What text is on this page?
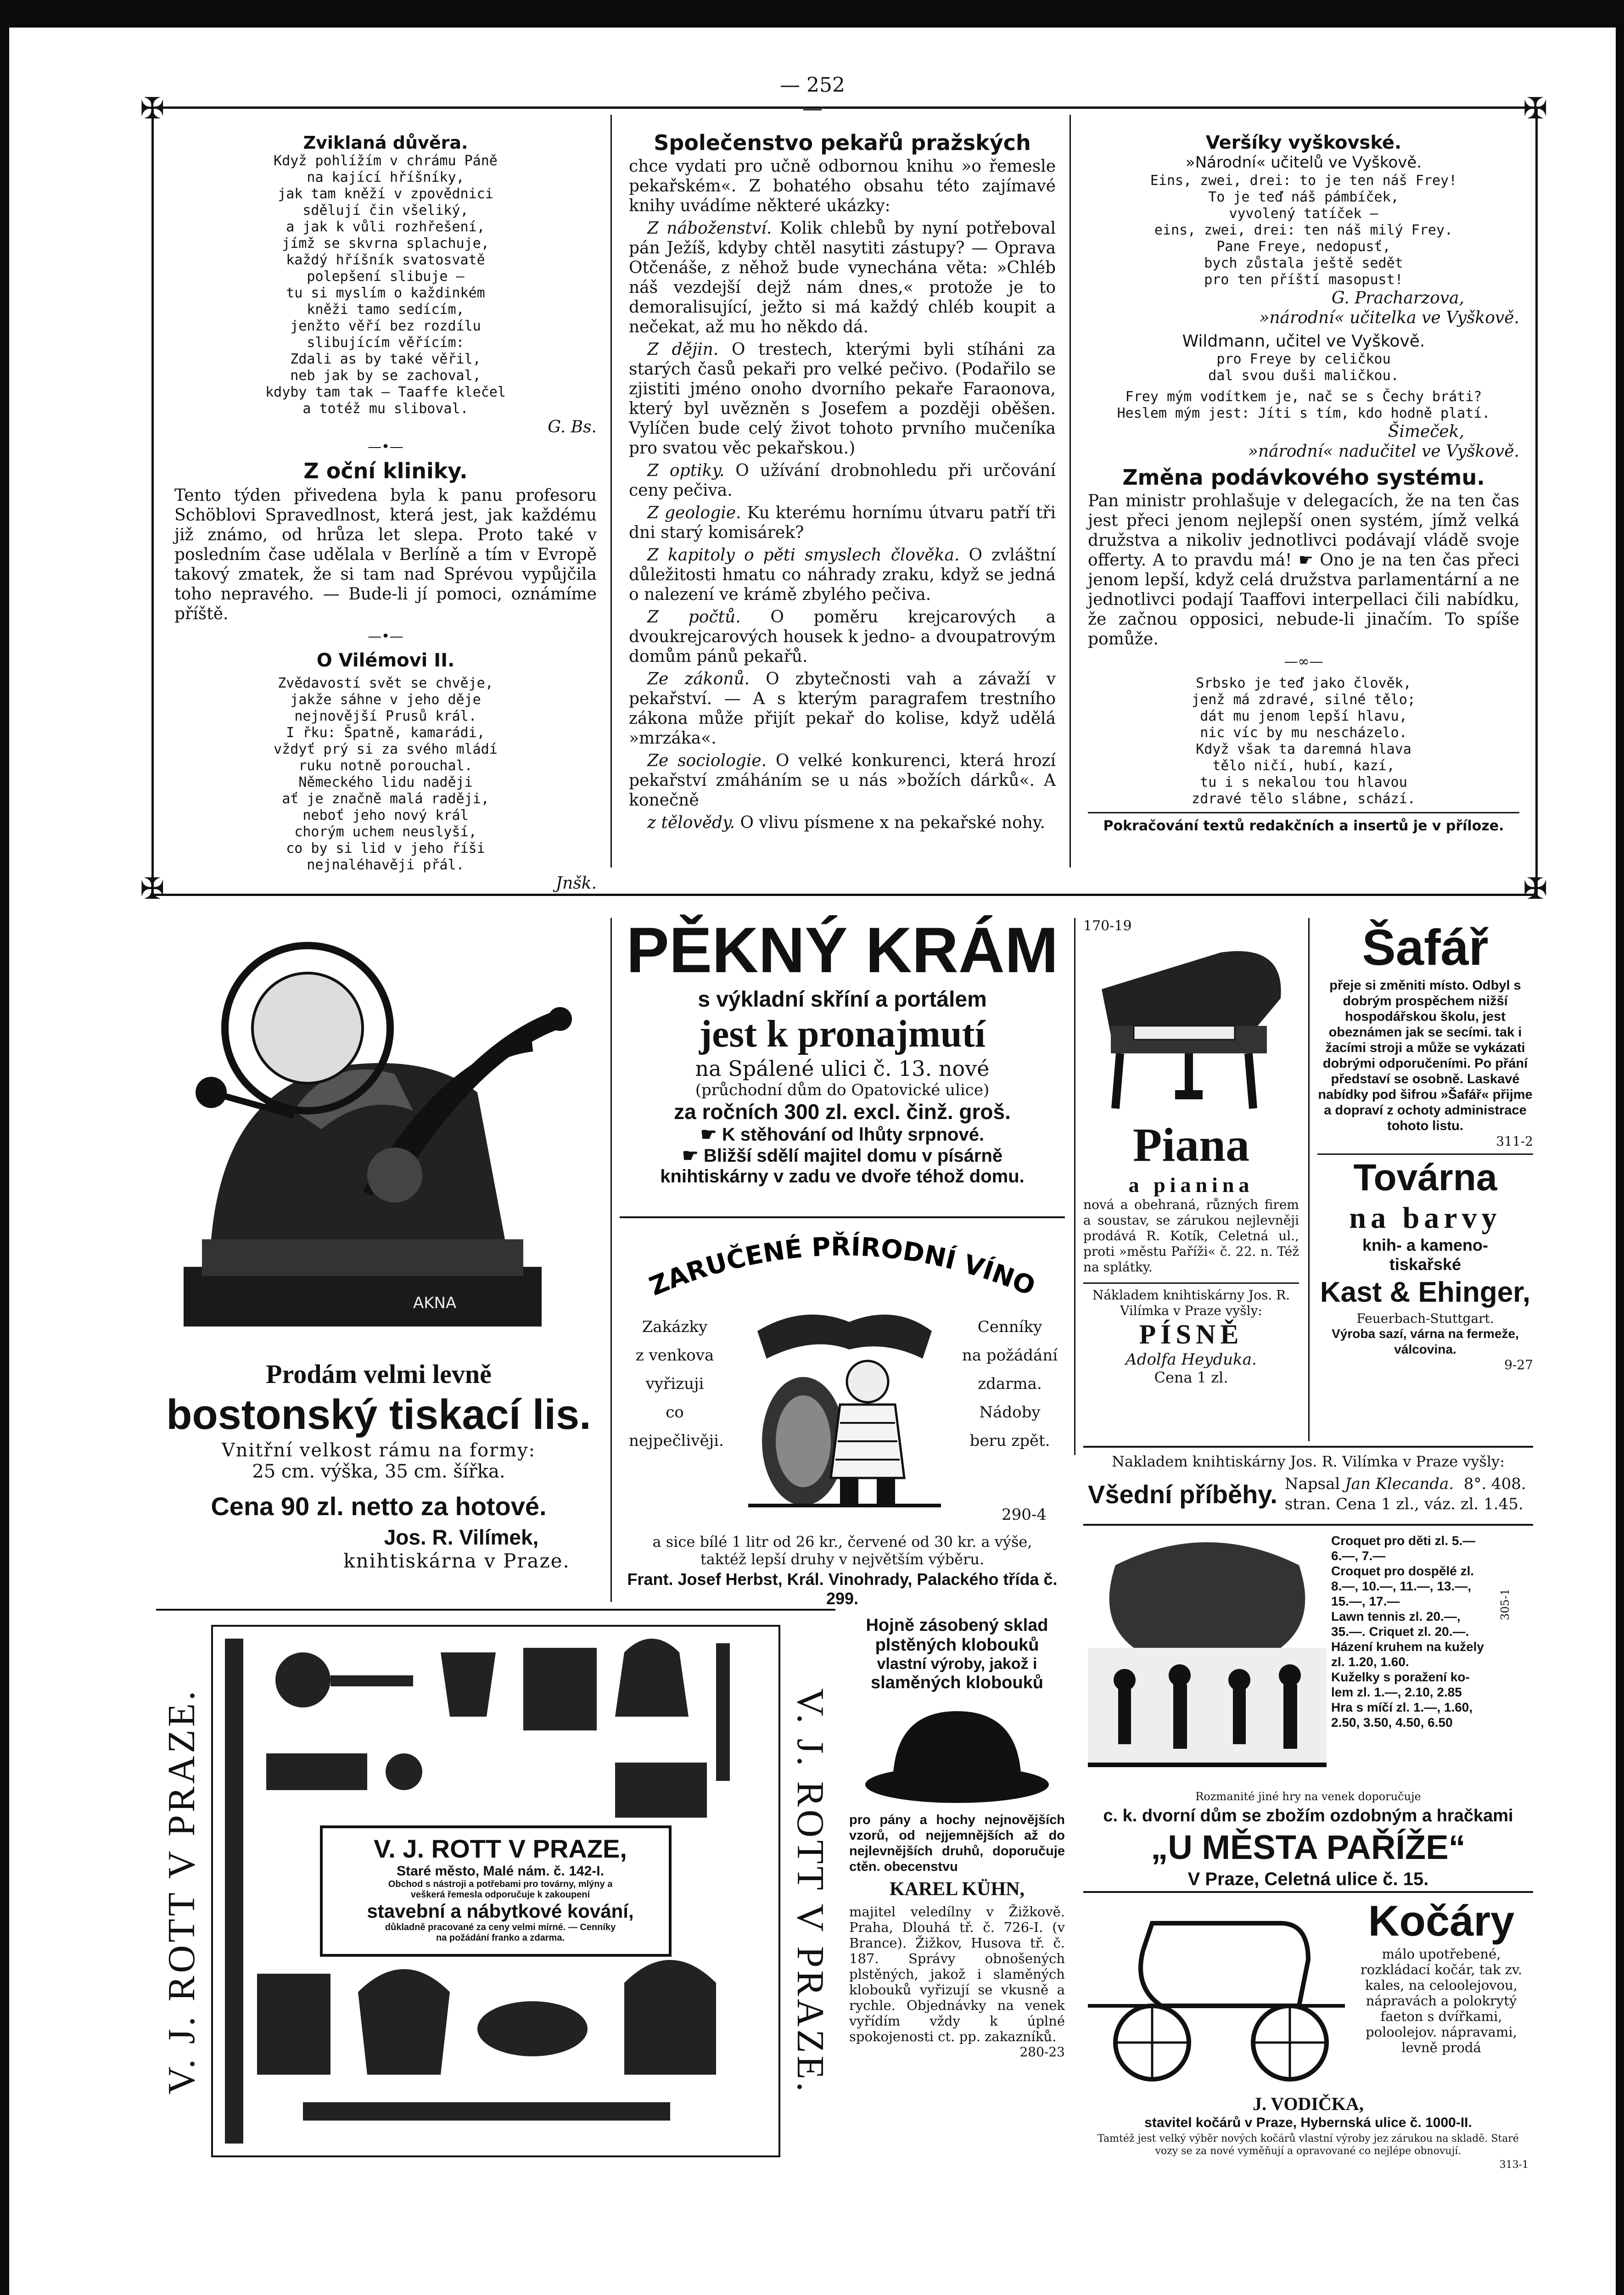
— 252 —
✠	✠
✠	✠
Zviklaná důvěra.
Když pohlížím v chrámu Páně
na kající hříšníky,
jak tam kněží v zpovědnici
sdělují čin všeliký,
a jak k vůli rozhřešení,
jímž se skvrna splachuje,
každý hříšník svatosvatě
polepšení slibuje —
tu si myslím o každinkém
kněži tamo sedícím,
jenžto věří bez rozdílu
slibujícím věřícím:
Zdali as by také věřil,
neb jak by se zachoval,
kdyby tam tak — Taaffe klečel
a totéž mu sliboval.
G. Bs.
—•—
Z oční kliniky.

Tento týden přivedena byla k panu profesoru Schöblovi Spravedlnost, která jest, jak každému již známo, od hrůza let slepa. Proto také v posledním čase udělala v Berlíně a tím v Evropě takový zmatek, že si tam nad Sprévou vypůjčila toho nepravého. — Bude-li jí pomoci, oznámíme příště.

—•—
O Vilémovi II.
Zvědavostí svět se chvěje,
jakže sáhne v jeho děje
nejnovější Prusů král.
I řku: Špatně, kamarádi,
vždyť prý si za svého mládí
ruku notně porouchal.
Německého lidu naději
ať je značně malá raději,
neboť jeho nový král
chorým uchem neuslyší,
co by si lid v jeho říši
nejnaléhavěji přál.
Jnšk.
Společenstvo pekařů pražských

chce vydati pro učně odbornou knihu »o řemesle pekařském«. Z bohatého obsahu této zajímavé knihy uvádíme některé ukázky:

Z náboženství. Kolik chlebů by nyní potřeboval pán Ježíš, kdyby chtěl nasytiti zástupy? — Oprava Otčenáše, z něhož bude vynechána věta: »Chléb náš vezdejší dejž nám dnes,« protože je to demoralisující, ježto si má každý chléb koupit a nečekat, až mu ho někdo dá.

Z dějin. O trestech, kterými byli stíháni za starých časů pekaři pro velké pečivo. (Podařilo se zjistiti jméno onoho dvorního pekaře Faraonova, který byl uvězněn s Josefem a později oběšen. Vylíčen bude celý život tohoto prvního mučeníka pro svatou věc pekařskou.)

Z optiky. O užívání drobnohledu při určování ceny pečiva.

Z geologie. Ku kterému hornímu útvaru patří tři dni starý komisárek?

Z kapitoly o pěti smyslech člověka. O zvláštní důležitosti hmatu co náhrady zraku, když se jedná o nalezení ve krámě zbylého pečiva.

Z počtů. O poměru krejcarových a dvoukrejcarových housek k jedno- a dvoupatrovým domům pánů pekařů.

Ze zákonů. O zbytečnosti vah a závaží v pekařství. — A s kterým paragrafem trestního zákona může přijít pekař do kolise, když udělá »mrzáka«.

Ze sociologie. O velké konkurenci, která hrozí pekařství zmáháním se u nás »božích dárků«. A konečně

z tělovědy. O vlivu písmene x na pekařské nohy.

Veršíky vyškovské.
»Národní« učitelů ve Vyškově.
Eins, zwei, drei: to je ten náš Frey!
To je teď náš pámbíček,
vyvolený tatíček —
eins, zwei, drei: ten náš milý Frey.
Pane Freye, nedopusť,
bych zůstala ještě sedět
pro ten příští masopust!
G. Pracharzova,
»národní« učitelka ve Vyškově.
Wildmann, učitel ve Vyškově.
pro Freye by celičkou
dal svou duši maličkou.
Frey mým vodítkem je, nač se s Čechy bráti?
Heslem mým jest: Jíti s tím, kdo hodně platí.
Šimeček,
»národní« nadučitel ve Vyškově.
Změna podávkového systému.

Pan ministr prohlašuje v delegacích, že na ten čas jest přeci jenom nejlepší onen systém, jímž velká družstva a nikoliv jednotlivci podávají vládě svoje offerty. A to pravdu má! ☛ Ono je na ten čas přeci jenom lepší, když celá družstva parlamentární a ne jednotlivci podají Taaffovi interpellaci čili nabídku, že začnou opposici, nebude-li jinačím. To spíše pomůže.

—∞—
Srbsko je teď jako člověk,
jenž má zdravé, silné tělo;
dát mu jenom lepší hlavu,
nic víc by mu nescházelo.
Když však ta daremná hlava
tělo ničí, hubí, kazí,
tu i s nekalou tou hlavou
zdravé tělo slábne, schází.
Pokračování textů redakčních a insertů je v příloze.
AKNA
Prodám velmi levně
bostonský tiskací lis.
Vnitřní velkost rámu na formy:
25 cm. výška, 35 cm. šířka.
Cena 90 zl. netto za hotové.
Jos. R. Vilímek,
knihtiskárna v Praze.
PĚKNÝ KRÁM
s výkladní skříní a portálem
jest k pronajmutí
na Spálené ulici č. 13. nové
(průchodní dům do Opatovické ulice)
za ročních 300 zl. excl. činž. groš.
☛ K stěhování od lhůty srpnové.
☛ Bližší sdělí majitel domu v písárně
knihtiskárny v zadu ve dvoře téhož domu.
ZARUČENÉ PŘÍRODNÍ VÍNO
Zakázky
z venkova
vyřizuji
co
nejpečlivěji.
Cenníky
na požádání
zdarma.
Nádoby
beru zpět.
290-4
a sice bílé 1 litr od 26 kr., červené od 30 kr. a výše,
taktéž lepší druhy v největším výběru.
Frant. Josef Herbst, Král. Vinohrady, Palackého třída č. 299.
170-19
Piana
a pianina
nová a obehraná, různých firem a soustav, se zárukou nejlevněji prodává R. Kotík, Celetná ul., proti »městu Paříži« č. 22. n. Též na splátky.
Nákladem knihtiskárny Jos. R. Vilímka v Praze vyšly:
PÍSNĚ
Adolfa Heyduka.
Cena 1 zl.
Šafář
přeje si změniti místo. Odbyl s dobrým prospěchem nižší hospodářskou školu, jest obeznámen jak se secími. tak i žacími stroji a může se vykázati dobrými odporučeními. Po přání představí se osobně. Laskavé nabídky pod šifrou »Šafář« přijme a dopraví z ochoty administrace tohoto listu.
311-2
Továrna
na barvy
knih- a kameno-
tiskařské
Kast & Ehinger,
Feuerbach-Stuttgart.
Výroba sazí, várna na fermeže, válcovina.
9-27
Nakladem knihtiskárny Jos. R. Vilímka v Praze vyšly:
Všední příběhy. Napsal Jan Klecanda. 8°. 408.
stran. Cena 1 zl., váz. zl. 1.45.
V. J. ROTT V PRAZE.	V. J. ROTT V PRAZE.
V. J. ROTT V PRAZE,
Staré město, Malé nám. č. 142-I.
Obchod s nástroji a potřebami pro továrny, mlýny a
veškerá řemesla odporučuje k zakoupení
stavební a nábytkové kování,
důkladně pracované za ceny velmi mírné. — Cenníky
na požádání franko a zdarma.
Hojně zásobený sklad
plstěných klobouků
vlastní výroby, jakož i
slaměných klobouků
pro pány a hochy nejnovějších vzorů, od nejjemnějších až do nejlevnějších druhů, doporučuje ctěn. obecenstvu
KAREL KÜHN,
majitel veledílny v Žižkově. Praha, Dlouhá tř. č. 726-I. (v Brance). Žižkov, Husova tř. č. 187. Správy obnošených plstěných, jakož i slaměných klobouků vyřizují se vkusně a rychle. Objednávky na venek vyřídím vždy k úplné spokojenosti ct. pp. zakazníků.
280-23
Croquet pro děti zl. 5.—
6.—, 7.—
Croquet pro dospělé zl.
8.—, 10.—, 11.—, 13.—,
15.—, 17.—
Lawn tennis zl. 20.—,
35.—. Criquet zl. 20.—.
Házení kruhem na kužely zl. 1.20, 1.60.
Kuželky s poražení ko-
lem zl. 1.—, 2.10, 2.85
Hra s míčí zl. 1.—, 1.60,
2.50, 3.50, 4.50, 6.50
305-1
Rozmanité jiné hry na venek doporučuje
c. k. dvorní dům se zbožím ozdobným a hračkami
„U MĚSTA PAŘÍŽE“
V Praze, Celetná ulice č. 15.
Kočáry
málo upotřebené, rozkládací kočár, tak zv. kales, na celoolejovou, nápravách a polokrytý faeton s dvířkami, poloolejov. nápravami, levně prodá
J. VODIČKA,
stavitel kočárů v Praze, Hybernská ulice č. 1000-II.
Tamtéž jest velký výběr nových kočárů vlastní výroby jez zárukou na skladě. Staré vozy se za nové vyměňují a opravované co nejlépe obnovují.
313-1
